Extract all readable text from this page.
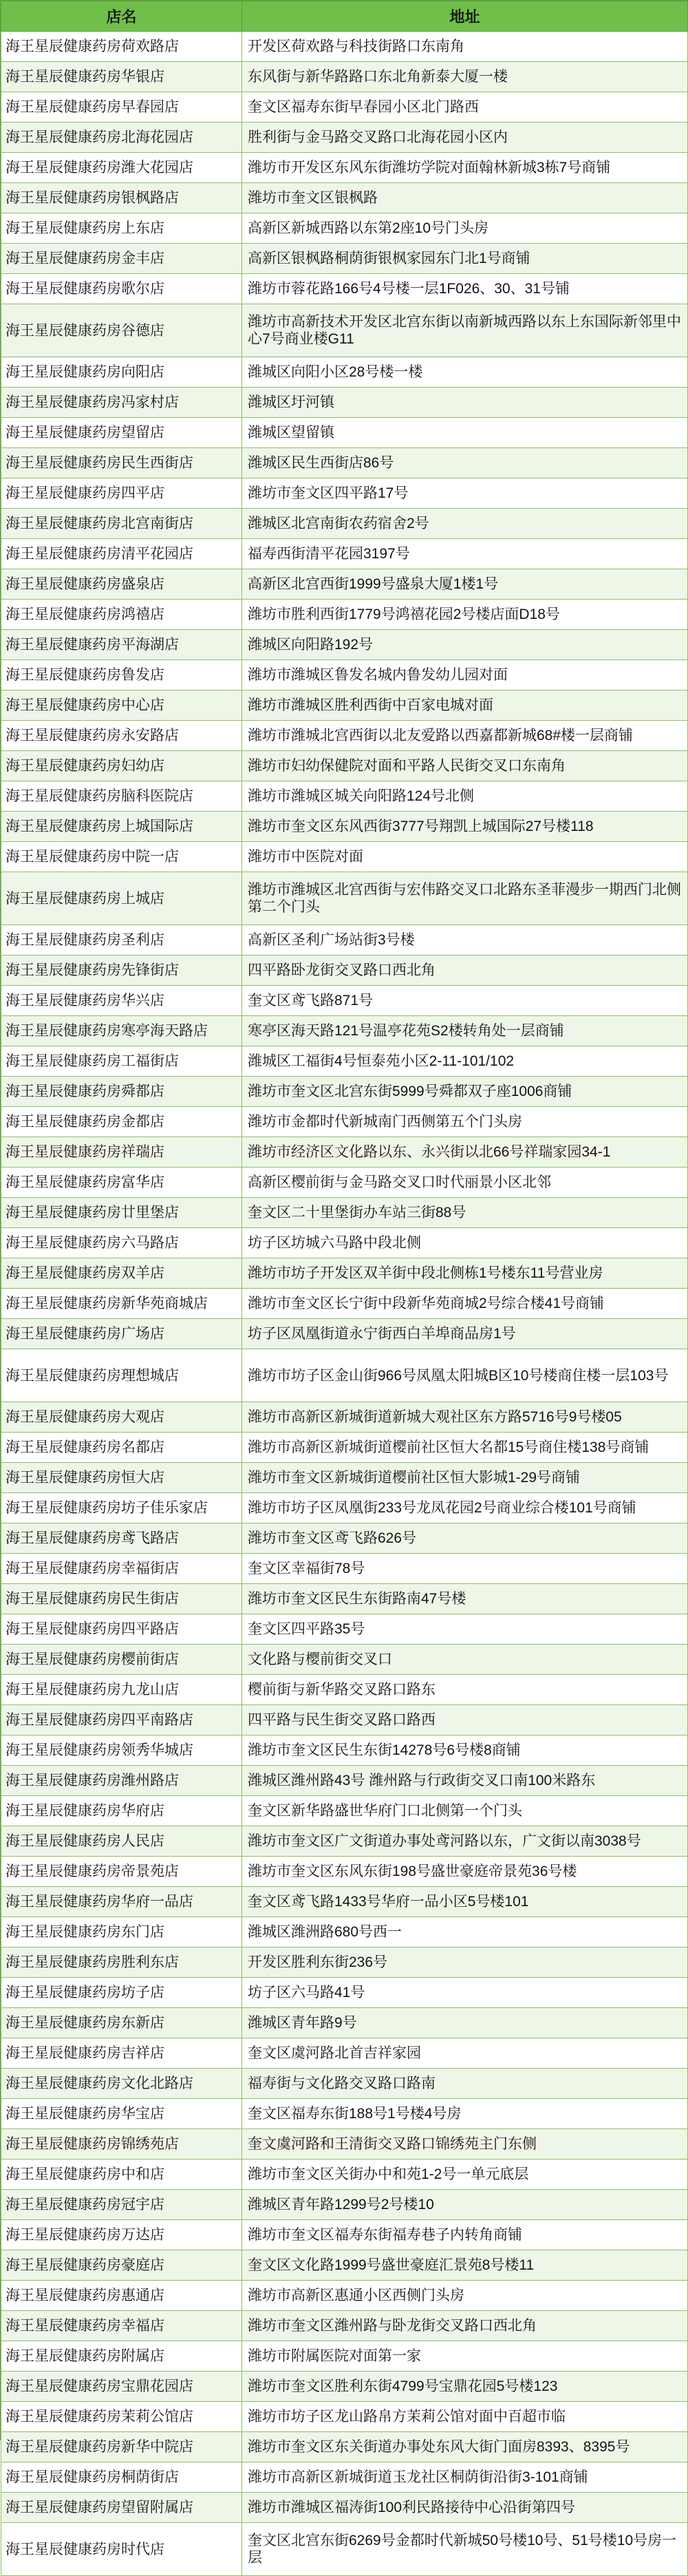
店名	地址
海王星辰健康药房荷欢路店	开发区荷欢路与科技街路口东南角
海王星辰健康药房华银店	东风街与新华路路口东北角新泰大厦一楼
海王星辰健康药房早春园店	奎文区福寿东街早春园小区北门路西
海王星辰健康药房北海花园店	胜利街与金马路交叉路口北海花园小区内
海王星辰健康药房潍大花园店	潍坊市开发区东风东街潍坊学院对面翰林新城3栋7号商铺
海王星辰健康药房银枫路店	潍坊市奎文区银枫路
海王星辰健康药房上东店	高新区新城西路以东第2座10号门头房
海王星辰健康药房金丰店	高新区银枫路桐荫街银枫家园东门北1号商铺
海王星辰健康药房歌尔店	潍坊市蓉花路166号4号楼一层1F026、30、31号铺
海王星辰健康药房谷德店	潍坊市高新技术开发区北宫东街以南新城西路以东上东国际新邻里中心7号商业楼G11
海王星辰健康药房向阳店	潍城区向阳小区28号楼一楼
海王星辰健康药房冯家村店	潍城区圩河镇
海王星辰健康药房望留店	潍城区望留镇
海王星辰健康药房民生西街店	潍城区民生西街店86号
海王星辰健康药房四平店	潍坊市奎文区四平路17号
海王星辰健康药房北宫南街店	潍城区北宫南街农药宿舍2号
海王星辰健康药房清平花园店	福寿西街清平花园3197号
海王星辰健康药房盛泉店	高新区北宫西街1999号盛泉大厦1楼1号
海王星辰健康药房鸿禧店	潍坊市胜利西街1779号鸿禧花园2号楼店面D18号
海王星辰健康药房平海湖店	潍城区向阳路192号
海王星辰健康药房鲁发店	潍坊市潍城区鲁发名城内鲁发幼儿园对面
海王星辰健康药房中心店	潍坊市潍城区胜利西街中百家电城对面
海王星辰健康药房永安路店	潍坊市潍城北宫西街以北友爱路以西嘉都新城68#楼一层商铺
海王星辰健康药房妇幼店	潍坊市妇幼保健院对面和平路人民街交叉口东南角
海王星辰健康药房脑科医院店	潍坊市潍城区城关向阳路124号北侧
海王星辰健康药房上城国际店	潍坊市奎文区东风西街3777号翔凯上城国际27号楼118
海王星辰健康药房中院一店	潍坊市中医院对面
海王星辰健康药房上城店	潍坊市潍城区北宫西街与宏伟路交叉口北路东圣菲漫步一期西门北侧第二个门头
海王星辰健康药房圣利店	高新区圣利广场站街3号楼
海王星辰健康药房先锋街店	四平路卧龙街交叉路口西北角
海王星辰健康药房华兴店	奎文区鸢飞路871号
海王星辰健康药房寒亭海天路店	寒亭区海天路121号温亭花苑S2楼转角处一层商铺
海王星辰健康药房工福街店	潍城区工福街4号恒泰苑小区2-11-101/102
海王星辰健康药房舜都店	潍坊市奎文区北宫东街5999号舜都双子座1006商铺
海王星辰健康药房金都店	潍坊市金都时代新城南门西侧第五个门头房
海王星辰健康药房祥瑞店	潍坊市经济区文化路以东、永兴街以北66号祥瑞家园34-1
海王星辰健康药房富华店	高新区樱前街与金马路交叉口时代丽景小区北邻
海王星辰健康药房廿里堡店	奎文区二十里堡街办车站三街88号
海王星辰健康药房六马路店	坊子区坊城六马路中段北侧
海王星辰健康药房双羊店	潍坊市坊子开发区双羊街中段北侧栋1号楼东11号营业房
海王星辰健康药房新华苑商城店	潍坊市奎文区长宁街中段新华苑商城2号综合楼41号商铺
海王星辰健康药房广场店	坊子区凤凰街道永宁街西白羊埠商品房1号
海王星辰健康药房理想城店	潍坊市坊子区金山街966号凤凰太阳城B区10号楼商住楼一层103号
海王星辰健康药房大观店	潍坊市高新区新城街道新城大观社区东方路5716号9号楼05
海王星辰健康药房名都店	潍坊市高新区新城街道樱前社区恒大名都15号商住楼138号商铺
海王星辰健康药房恒大店	潍坊市奎文区新城街道樱前社区恒大影城1-29号商铺
海王星辰健康药房坊子佳乐家店	潍坊市坊子区凤凰街233号龙凤花园2号商业综合楼101号商铺
海王星辰健康药房鸢飞路店	潍坊市奎文区鸢飞路626号
海王星辰健康药房幸福街店	奎文区幸福街78号
海王星辰健康药房民生街店	潍坊市奎文区民生东街路南47号楼
海王星辰健康药房四平路店	奎文区四平路35号
海王星辰健康药房樱前街店	文化路与樱前街交叉口
海王星辰健康药房九龙山店	樱前街与新华路交叉路口路东
海王星辰健康药房四平南路店	四平路与民生街交叉路口路西
海王星辰健康药房领秀华城店	潍坊市奎文区民生东街14278号6号楼8商铺
海王星辰健康药房潍州路店	潍城区潍州路43号 潍州路与行政街交叉口南100米路东
海王星辰健康药房华府店	奎文区新华路盛世华府门口北侧第一个门头
海王星辰健康药房人民店	潍坊市奎文区广文街道办事处鸢河路以东，广文街以南3038号
海王星辰健康药房帝景苑店	潍坊市奎文区东风东街198号盛世豪庭帝景苑36号楼
海王星辰健康药房华府一品店	奎文区鸢飞路1433号华府一品小区5号楼101
海王星辰健康药房东门店	潍城区潍洲路680号西一
海王星辰健康药房胜利东店	开发区胜利东街236号
海王星辰健康药房坊子店	坊子区六马路41号
海王星辰健康药房东新店	潍城区青年路9号
海王星辰健康药房吉祥店	奎文区虞河路北首吉祥家园
海王星辰健康药房文化北路店	福寿街与文化路交叉路口路南
海王星辰健康药房华宝店	奎文区福寿东街188号1号楼4号房
海王星辰健康药房锦绣苑店	奎文虞河路和王清街交叉路口锦绣苑主门东侧
海王星辰健康药房中和店	潍坊市奎文区关街办中和苑1-2号一单元底层
海王星辰健康药房冠宇店	潍城区青年路1299号2号楼10
海王星辰健康药房万达店	潍坊市奎文区福寿东街福寿巷子内转角商铺
海王星辰健康药房豪庭店	奎文区文化路1999号盛世豪庭汇景苑8号楼11
海王星辰健康药房惠通店	潍坊市高新区惠通小区西侧门头房
海王星辰健康药房幸福店	潍坊市奎文区潍州路与卧龙街交叉路口西北角
海王星辰健康药房附属店	潍坊市附属医院对面第一家
海王星辰健康药房宝鼎花园店	潍坊市奎文区胜利东街4799号宝鼎花园5号楼123
海王星辰健康药房茉莉公馆店	潍坊市坊子区龙山路帛方茉莉公馆对面中百超市临
海王星辰健康药房新华中院店	潍坊市奎文区东关街道办事处东风大街门面房8393、8395号
海王星辰健康药房桐荫街店	潍坊市高新区新城街道玉龙社区桐荫街沿街3-101商铺
海王星辰健康药房望留附属店	潍坊市潍城区福涛街100利民路接待中心沿街第四号
海王星辰健康药房时代店	奎文区北宫东街6269号金都时代新城50号楼10号、51号楼10号房一层
